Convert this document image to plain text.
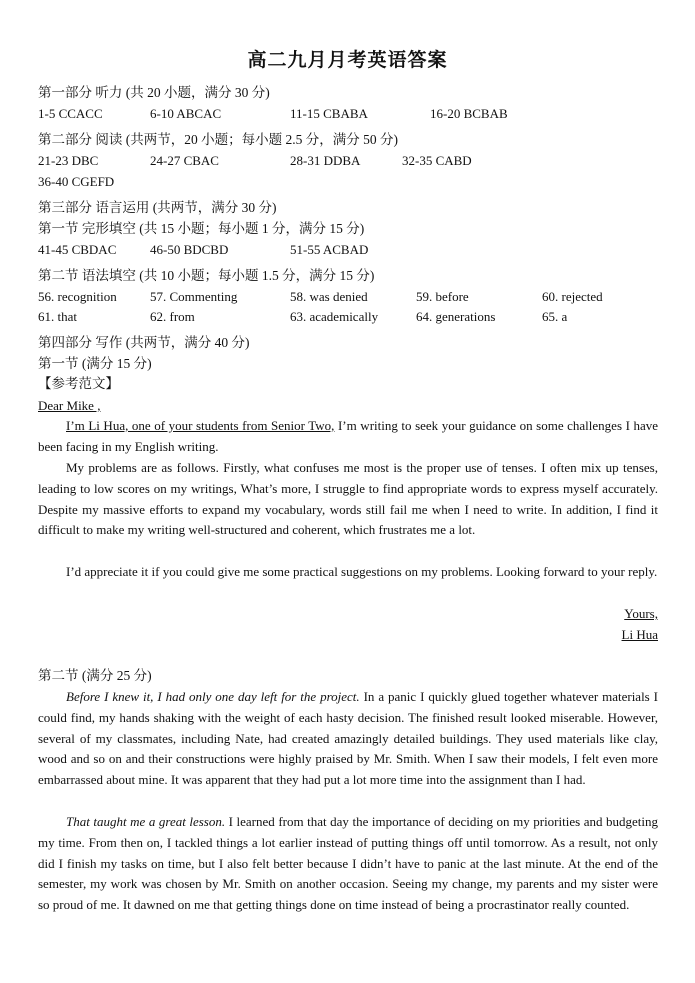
高二九月月考英语答案
第一部分 听力 (共 20 小题，满分 30 分)
1-5 CCACC	6-10 ABCAC	11-15 CBABA	16-20 BCBAB
第二部分 阅读 (共两节，20 小题；每小题 2.5 分，满分 50 分)
21-23 DBC	24-27 CBAC	28-31 DDBA	32-35 CABD
36-40 CGEFD
第三部分 语言运用 (共两节，满分 30 分)
第一节 完形填空 (共 15 小题；每小题 1 分，满分 15 分)
41-45 CBDAC	46-50 BDCBD	51-55 ACBAD
第二节 语法填空 (共 10 小题；每小题 1.5 分，满分 15 分)
56. recognition	57. Commenting	58. was denied	59. before	60. rejected
61. that	62. from	63. academically	64. generations	65. a
第四部分 写作 (共两节，满分 40 分)
第一节 (满分 15 分)
【参考范文】
Dear Mike ,

I’m Li Hua, one of your students from Senior Two, I’m writing to seek your guidance on some challenges I have been facing in my English writing.

My problems are as follows. Firstly, what confuses me most is the proper use of tenses. I often mix up tenses, leading to low scores on my writings, What’s more, I struggle to find appropriate words to express myself accurately. Despite my massive efforts to expand my vocabulary, words still fail me when I need to write. In addition, I find it difficult to make my writing well-structured and coherent, which frustrates me a lot.

I’d appreciate it if you could give me some practical suggestions on my problems. Looking forward to your reply.

Yours,
Li Hua
第二节 (满分 25 分)

Before I knew it, I had only one day left for the project. In a panic I quickly glued together whatever materials I could find, my hands shaking with the weight of each hasty decision. The finished result looked miserable. However, several of my classmates, including Nate, had created amazingly detailed buildings. They used materials like clay, wood and so on and their constructions were highly praised by Mr. Smith. When I saw their models, I felt even more embarrassed about mine. It was apparent that they had put a lot more time into the assignment than I had.

That taught me a great lesson. I learned from that day the importance of deciding on my priorities and budgeting my time. From then on, I tackled things a lot earlier instead of putting things off until tomorrow. As a result, not only did I finish my tasks on time, but I also felt better because I didn’t have to panic at the last minute. At the end of the semester, my work was chosen by Mr. Smith on another occasion. Seeing my change, my parents and my sister were so proud of me. It dawned on me that getting things done on time instead of being a procrastinator really counted.
